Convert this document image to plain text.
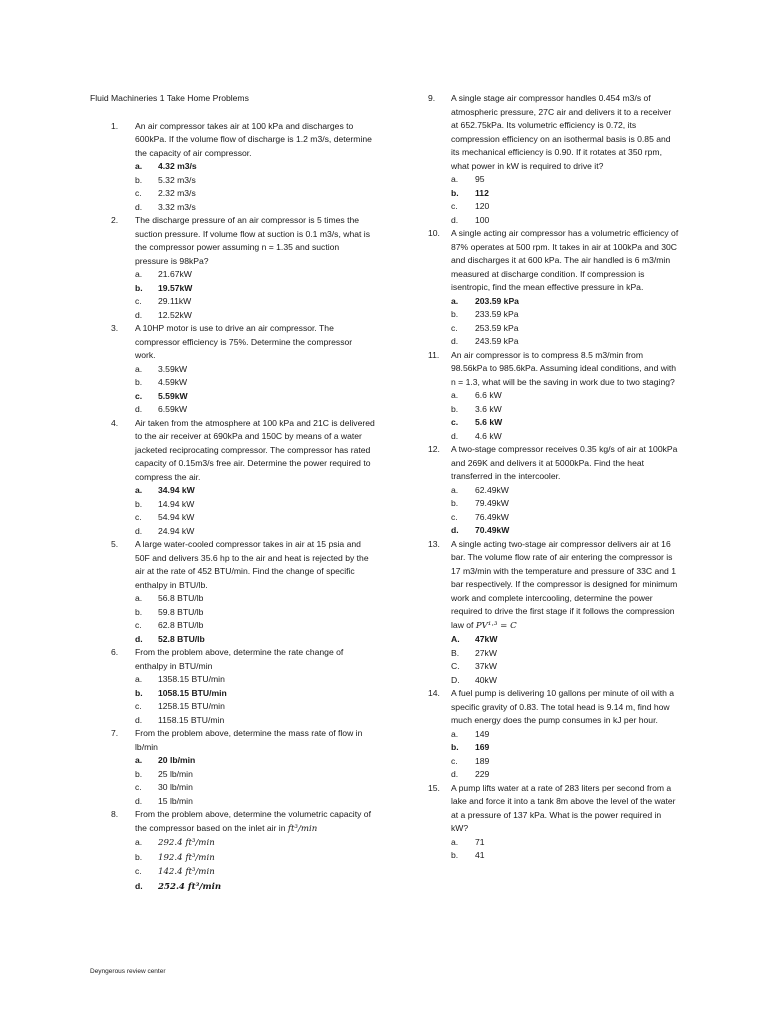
Fluid Machineries 1 Take Home Problems
1. An air compressor takes air at 100 kPa and discharges to 600kPa. If the volume flow of discharge is 1.2 m3/s, determine the capacity of air compressor.
a. 4.32 m3/s
b. 5.32 m3/s
c. 2.32 m3/s
d. 3.32 m3/s
2. The discharge pressure of an air compressor is 5 times the suction pressure. If volume flow at suction is 0.1 m3/s, what is the compressor power assuming n = 1.35 and suction pressure is 98kPa?
a. 21.67kW
b. 19.57kW
c. 29.11kW
d. 12.52kW
3. A 10HP motor is use to drive an air compressor. The compressor efficiency is 75%. Determine the compressor work.
a. 3.59kW
b. 4.59kW
c. 5.59kW
d. 6.59kW
4. Air taken from the atmosphere at 100 kPa and 21C is delivered to the air receiver at 690kPa and 150C by means of a water jacketed reciprocating compressor. The compressor has rated capacity of 0.15m3/s free air. Determine the power required to compress the air.
a. 34.94 kW
b. 14.94 kW
c. 54.94 kW
d. 24.94 kW
5. A large water-cooled compressor takes in air at 15 psia and 50F and delivers 35.6 hp to the air and heat is rejected by the air at the rate of 452 BTU/min. Find the change of specific enthalpy in BTU/lb.
a. 56.8 BTU/lb
b. 59.8 BTU/lb
c. 62.8 BTU/lb
d. 52.8 BTU/lb
6. From the problem above, determine the rate change of enthalpy in BTU/min
a. 1358.15 BTU/min
b. 1058.15 BTU/min
c. 1258.15 BTU/min
d. 1158.15 BTU/min
7. From the problem above, determine the mass rate of flow in lb/min
a. 20 lb/min
b. 25 lb/min
c. 30 lb/min
d. 15 lb/min
8. From the problem above, determine the volumetric capacity of the compressor based on the inlet air in ft³/min
a. 292.4 ft³/min
b. 192.4 ft³/min
c. 142.4 ft³/min
d. 252.4 ft³/min
9. A single stage air compressor handles 0.454 m3/s of atmospheric pressure, 27C air and delivers it to a receiver at 652.75kPa. Its volumetric efficiency is 0.72, its compression efficiency on an isothermal basis is 0.85 and its mechanical efficiency is 0.90. If it rotates at 350 rpm, what power in kW is required to drive it?
a. 95
b. 112
c. 120
d. 100
10. A single acting air compressor has a volumetric efficiency of 87% operates at 500 rpm. It takes in air at 100kPa and 30C and discharges it at 600 kPa. The air handled is 6 m3/min measured at discharge condition. If compression is isentropic, find the mean effective pressure in kPa.
a. 203.59 kPa
b. 233.59 kPa
c. 253.59 kPa
d. 243.59 kPa
11. An air compressor is to compress 8.5 m3/min from 98.56kPa to 985.6kPa. Assuming ideal conditions, and with n = 1.3, what will be the saving in work due to two staging?
a. 6.6 kW
b. 3.6 kW
c. 5.6 kW
d. 4.6 kW
12. A two-stage compressor receives 0.35 kg/s of air at 100kPa and 269K and delivers it at 5000kPa. Find the heat transferred in the intercooler.
a. 62.49kW
b. 79.49kW
c. 76.49kW
d. 70.49kW
13. A single acting two-stage air compressor delivers air at 16 bar. The volume flow rate of air entering the compressor is 17 m3/min with the temperature and pressure of 33C and 1 bar respectively. If the compressor is designed for minimum work and complete intercooling, determine the power required to drive the first stage if it follows the compression law of PV¹·³ = C
A. 47kW
B. 27kW
C. 37kW
D. 40kW
14. A fuel pump is delivering 10 gallons per minute of oil with a specific gravity of 0.83. The total head is 9.14 m, find how much energy does the pump consumes in kJ per hour.
a. 149
b. 169
c. 189
d. 229
15. A pump lifts water at a rate of 283 liters per second from a lake and force it into a tank 8m above the level of the water at a pressure of 137 kPa. What is the power required in kW?
a. 71
b. 41
Deyngerous review center
